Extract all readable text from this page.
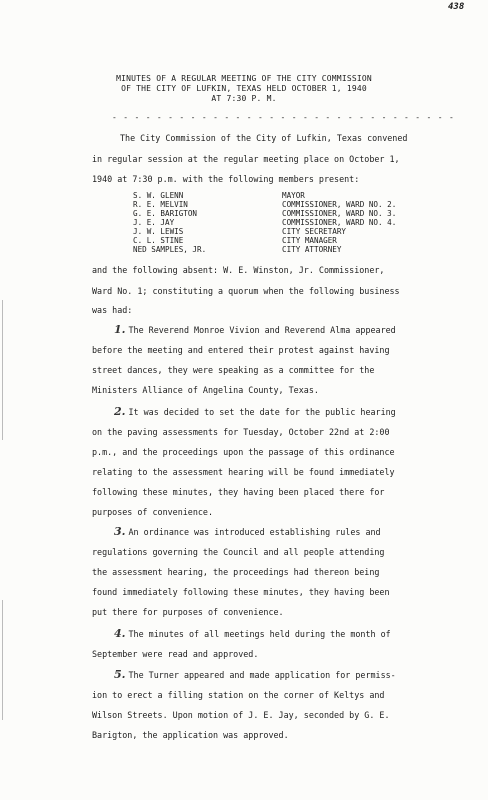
438
MINUTES OF A REGULAR MEETING OF THE CITY COMMISSION
OF THE CITY OF LUFKIN, TEXAS HELD OCTOBER 1, 1940
AT 7:30 P. M.
- - - - - - - - - - - - - - - - - - - - - - - - - - - - - - -
The City Commission of the City of Lufkin, Texas convened
in regular session at the regular meeting place on October 1,
1940 at 7:30 p.m. with the following members present:
S. W. GLENN	MAYOR
R. E. MELVIN	COMMISSIONER, WARD NO. 2.
G. E. BARIGTON	COMMISSIONER, WARD NO. 3.
J. E. JAY	COMMISSIONER, WARD NO. 4.
J. W. LEWIS	CITY SECRETARY
C. L. STINE	CITY MANAGER
NED SAMPLES, JR.	CITY ATTORNEY
and the following absent: W. E. Winston, Jr. Commissioner,
Ward No. 1; constituting a quorum when the following business
was had:
1. The Reverend Monroe Vivion and Reverend Alma appeared
before the meeting and entered their protest against having
street dances, they were speaking as a committee for the
Ministers Alliance of Angelina County, Texas.
2. It was decided to set the date for the public hearing
on the paving assessments for Tuesday, October 22nd at 2:00
p.m., and the proceedings upon the passage of this ordinance
relating to the assessment hearing will be found immediately
following these minutes, they having been placed there for
purposes of convenience.
3. An ordinance was introduced establishing rules and
regulations governing the Council and all people attending
the assessment hearing, the proceedings had thereon being
found immediately following these minutes, they having been
put there for purposes of convenience.
4. The minutes of all meetings held during the month of
September were read and approved.
5. The Turner appeared and made application for permiss-
ion to erect a filling station on the corner of Keltys and
Wilson Streets. Upon motion of J. E. Jay, seconded by G. E.
Barigton, the application was approved.
